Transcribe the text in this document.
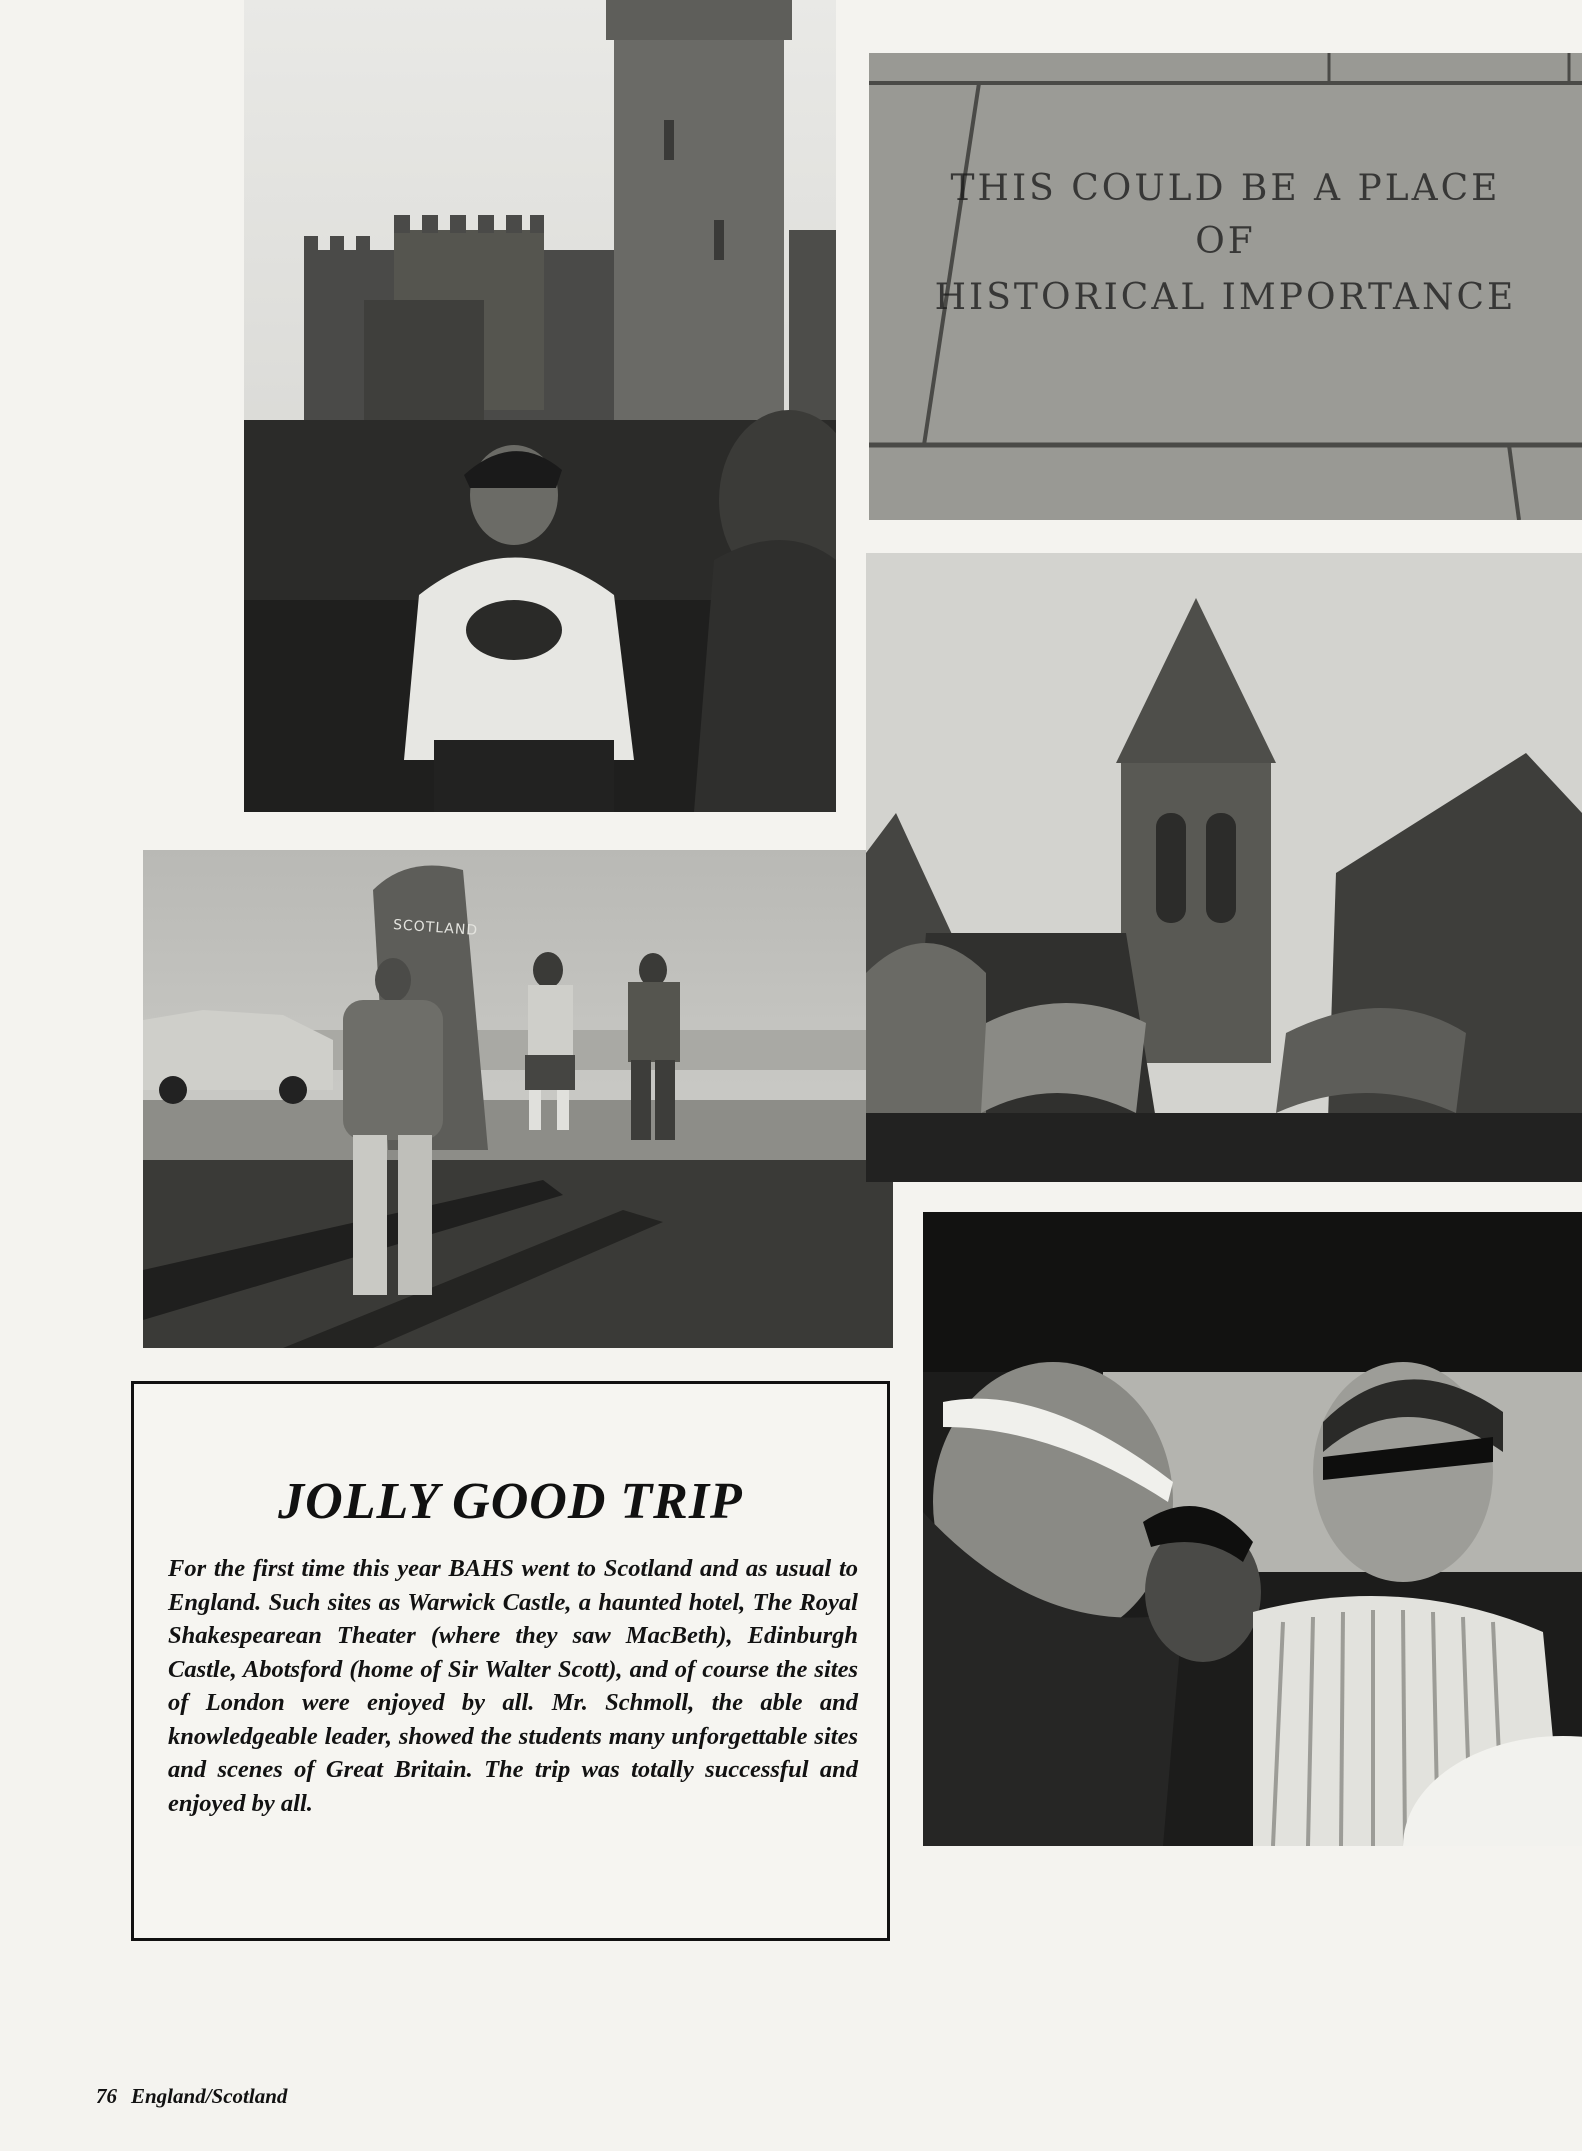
THIS COULD BE A PLACE
OF
HISTORICAL IMPORTANCE
SCOTLAND
JOLLY GOOD TRIP

For the first time this year BAHS went to Scotland and as usual to England. Such sites as Warwick Castle, a haunted hotel, The Royal Shakespearean Theater (where they saw MacBeth), Edinburgh Castle, Abotsford (home of Sir Walter Scott), and of course the sites of London were enjoyed by all. Mr. Schmoll, the able and knowledgeable leader, showed the students many unforgettable sites and scenes of Great Britain. The trip was totally successful and enjoyed by all.

76 England/Scotland
